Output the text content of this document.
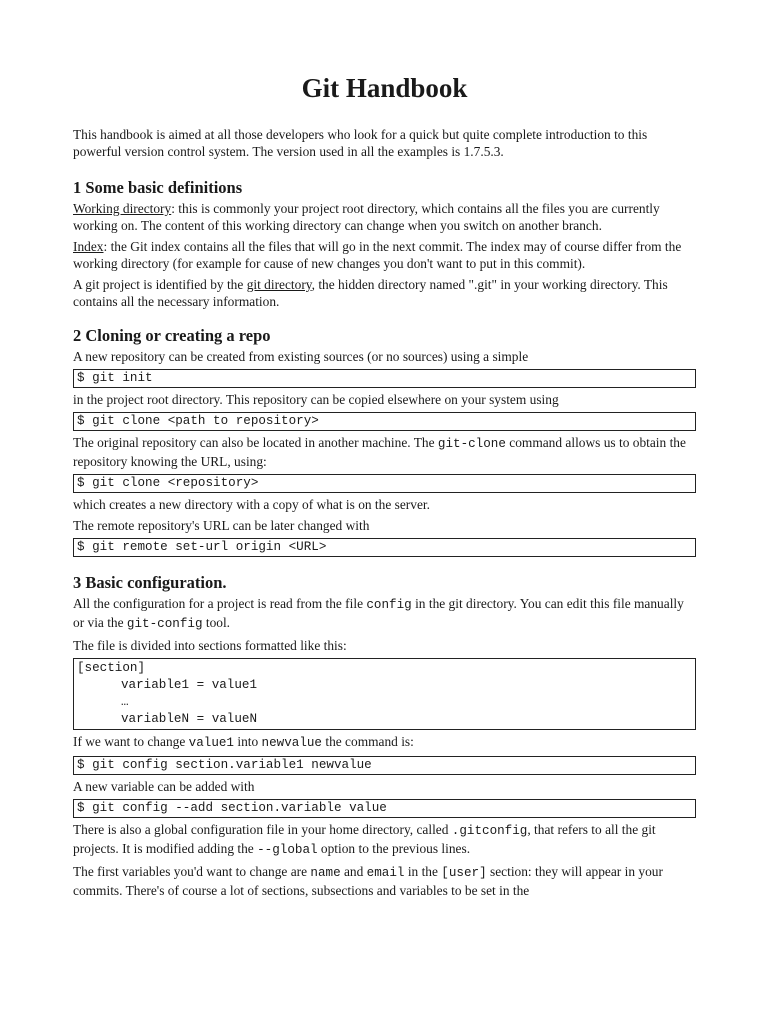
Git Handbook

This handbook is aimed at all those developers who look for a quick but quite complete introduction to this powerful version control system. The version used in all the examples is 1.7.5.3.

1 Some basic definitions

Working directory: this is commonly your project root directory, which contains all the files you are currently working on. The content of this working directory can change when you switch on another branch.

Index: the Git index contains all the files that will go in the next commit. The index may of course differ from the working directory (for example for cause of new changes you don't want to put in this commit).

A git project is identified by the git directory, the hidden directory named ".git" in your working directory. This contains all the necessary information.

2 Cloning or creating a repo

A new repository can be created from existing sources (or no sources) using a simple

$ git init

in the project root directory. This repository can be copied elsewhere on your system using

$ git clone <path to repository>

The original repository can also be located in another machine. The git-clone command allows us to obtain the repository knowing the URL, using:

$ git clone <repository>

which creates a new directory with a copy of what is on the server.

The remote repository's URL can be later changed with

$ git remote set-url origin <URL>
3 Basic configuration.

All the configuration for a project is read from the file config in the git directory. You can edit this file manually or via the git-config tool.

The file is divided into sections formatted like this:

[section]
variable1 = value1
…
variableN = valueN

If we want to change value1 into newvalue the command is:

$ git config section.variable1 newvalue

A new variable can be added with

$ git config --add section.variable value

There is also a global configuration file in your home directory, called .gitconfig, that refers to all the git projects. It is modified adding the --global option to the previous lines.

The first variables you'd want to change are name and email in the [user] section: they will appear in your commits. There's of course a lot of sections, subsections and variables to be set in the
